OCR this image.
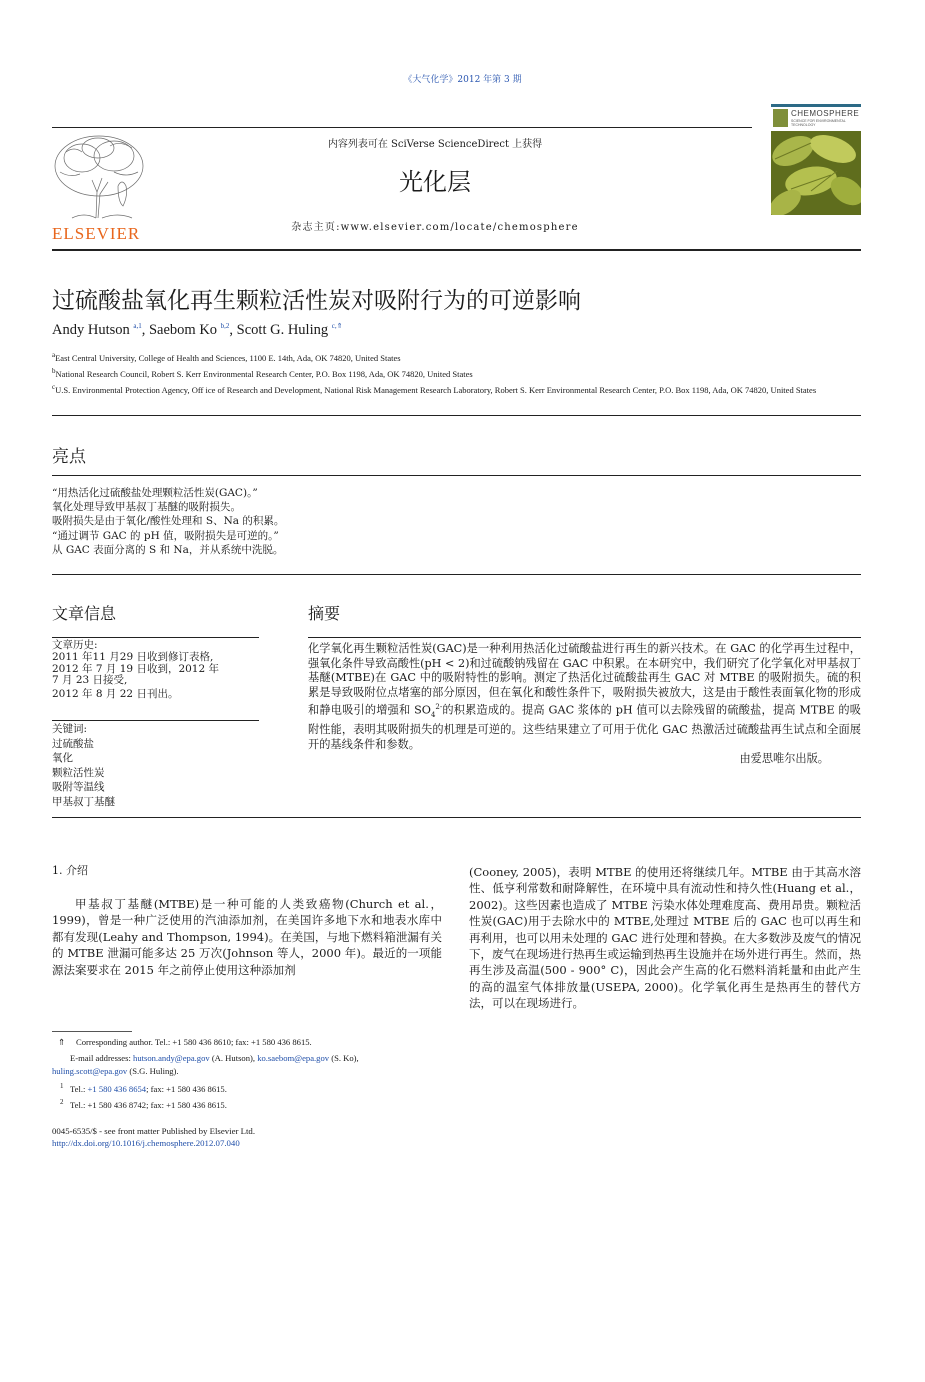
《大气化学》2012 年第 3 期
ELSEVIER
内容列表可在 SciVerse ScienceDirect 上获得
光化层
杂志主页:www.elsevier.com/locate/chemosphere
CHEMOSPHERE
SCIENCE FOR ENVIRONMENTAL TECHNOLOGY
过硫酸盐氧化再生颗粒活性炭对吸附行为的可逆影响
Andy Hutson $^{a,1}$, Saebom Ko $^{b,2}$, Scott G. Huling $^{c,⇑}$
$^a$East Central University, College of Health and Sciences, 1100 E. 14th, Ada, OK 74820, United States
$^b$National Research Council, Robert S. Kerr Environmental Research Center, P.O. Box 1198, Ada, OK 74820, United States
$^c$U.S. Environmental Protection Agency, Off ice of Research and Development, National Risk Management Research Laboratory, Robert S. Kerr Environmental Research Center, P.O. Box 1198, Ada, OK 74820, United States
亮点
“用热活化过硫酸盐处理颗粒活性炭(GAC)。”
氧化处理导致甲基叔丁基醚的吸附损失。
吸附损失是由于氧化/酸性处理和 S、Na 的积累。
“通过调节 GAC 的 pH 值，吸附损失是可逆的。”
从 GAC 表面分离的 S 和 Na，并从系统中洗脱。
文章信息
文章历史:
2011 年11 月29 日收到修订表格,
2012 年 7 月 19 日收到，2012 年
7 月 23 日接受,
2012 年 8 月 22 日刊出。
关键词:
过硫酸盐
氧化
颗粒活性炭
吸附等温线
甲基叔丁基醚
摘要
化学氧化再生颗粒活性炭(GAC)是一种利用热活化过硫酸盐进行再生的新兴技术。在 GAC 的化学再生过程中，强氧化条件导致高酸性(pH < 2)和过硫酸钠残留在 GAC 中积累。在本研究中，我们研究了化学氧化对甲基叔丁基醚(MTBE)在 GAC 中的吸附特性的影响。测定了热活化过硫酸盐再生 GAC 对 MTBE 的吸附损失。硫的积累是导致吸附位点堵塞的部分原因，但在氧化和酸性条件下，吸附损失被放大，这是由于酸性表面氧化物的形成和静电吸引的增强和 $SO_4^{2-}$的积累造成的。提高 GAC 浆体的 pH 值可以去除残留的硫酸盐，提高 MTBE 的吸附性能，表明其吸附损失的机理是可逆的。这些结果建立了可用于优化 GAC 热激活过硫酸盐再生试点和全面展开的基线条件和参数。
由爱思唯尔出版。
1. 介绍
甲基叔丁基醚(MTBE)是一种可能的人类致癌物(Church et al.， 1999)，曾是一种广泛使用的汽油添加剂，在美国许多地下水和地表水库中都有发现(Leahy and Thompson, 1994)。在美国，与地下燃料箱泄漏有关的 MTBE 泄漏可能多达 25 万次(Johnson 等人，2000 年)。最近的一项能源法案要求在 2015 年之前停止使用这种添加剂
(Cooney, 2005)，表明 MTBE 的使用还将继续几年。MTBE 由于其高水溶性、低亨利常数和耐降解性，在环境中具有流动性和持久性(Huang et al.， 2002)。这些因素也造成了 MTBE 污染水体处理难度高、费用昂贵。颗粒活性炭(GAC)用于去除水中的 MTBE,处理过 MTBE 后的 GAC 也可以再生和再利用，也可以用未处理的 GAC 进行处理和替换。在大多数涉及废气的情况下，废气在现场进行热再生或运输到热再生设施并在场外进行再生。然而，热再生涉及高温(500 - 900° C)，因此会产生高的化石燃料消耗量和由此产生的高的温室气体排放量(USEPA, 2000)。化学氧化再生是热再生的替代方法，可以在现场进行。
⇑ Corresponding author. Tel.: +1 580 436 8610; fax: +1 580 436 8615.
E-mail addresses: hutson.andy@epa.gov (A. Hutson), ko.saebom@epa.gov (S. Ko),
huling.scott@epa.gov (S.G. Huling).
1 Tel.: +1 580 436 8654; fax: +1 580 436 8615.
2 Tel.: +1 580 436 8742; fax: +1 580 436 8615.
0045-6535/$ - see front matter Published by Elsevier Ltd.
http://dx.doi.org/10.1016/j.chemosphere.2012.07.040
